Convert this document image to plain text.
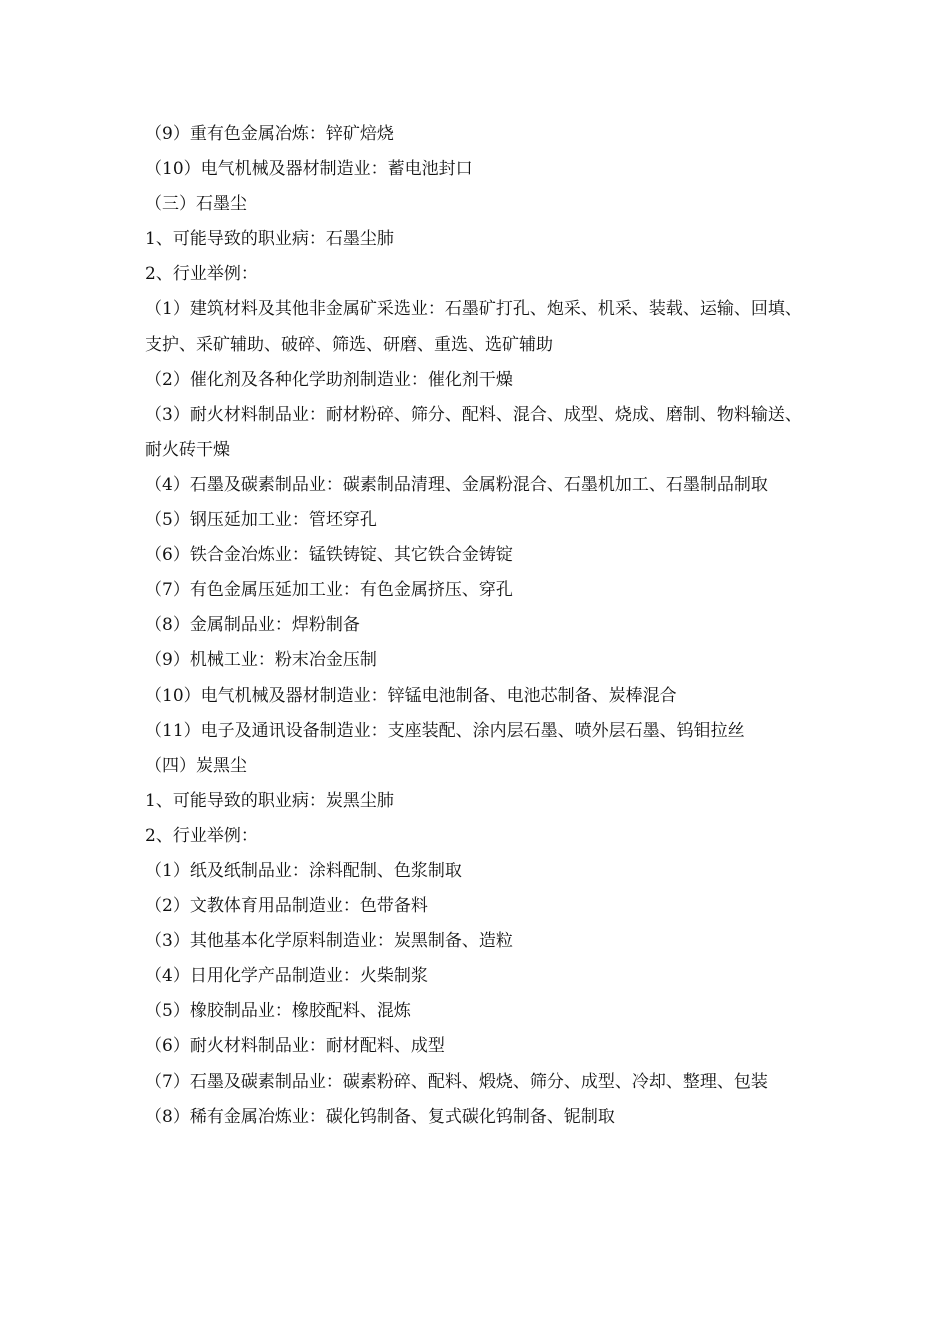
（9）重有色金属冶炼：锌矿焙烧
（10）电气机械及器材制造业：蓄电池封口
（三）石墨尘
1、可能导致的职业病：石墨尘肺
2、行业举例：
（1）建筑材料及其他非金属矿采选业：石墨矿打孔、炮采、机采、装载、运输、回填、支护、采矿辅助、破碎、筛选、研磨、重选、选矿辅助
（2）催化剂及各种化学助剂制造业：催化剂干燥
（3）耐火材料制品业：耐材粉碎、筛分、配料、混合、成型、烧成、磨制、物料输送、耐火砖干燥
（4）石墨及碳素制品业：碳素制品清理、金属粉混合、石墨机加工、石墨制品制取
（5）钢压延加工业：管坯穿孔
（6）铁合金冶炼业：锰铁铸锭、其它铁合金铸锭
（7）有色金属压延加工业：有色金属挤压、穿孔
（8）金属制品业：焊粉制备
（9）机械工业：粉末冶金压制
（10）电气机械及器材制造业：锌锰电池制备、电池芯制备、炭棒混合
（11）电子及通讯设备制造业：支座装配、涂内层石墨、喷外层石墨、钨钼拉丝
（四）炭黑尘
1、可能导致的职业病：炭黑尘肺
2、行业举例：
（1）纸及纸制品业：涂料配制、色浆制取
（2）文教体育用品制造业：色带备料
（3）其他基本化学原料制造业：炭黑制备、造粒
（4）日用化学产品制造业：火柴制浆
（5）橡胶制品业：橡胶配料、混炼
（6）耐火材料制品业：耐材配料、成型
（7）石墨及碳素制品业：碳素粉碎、配料、煅烧、筛分、成型、冷却、整理、包装
（8）稀有金属冶炼业：碳化钨制备、复式碳化钨制备、铌制取
